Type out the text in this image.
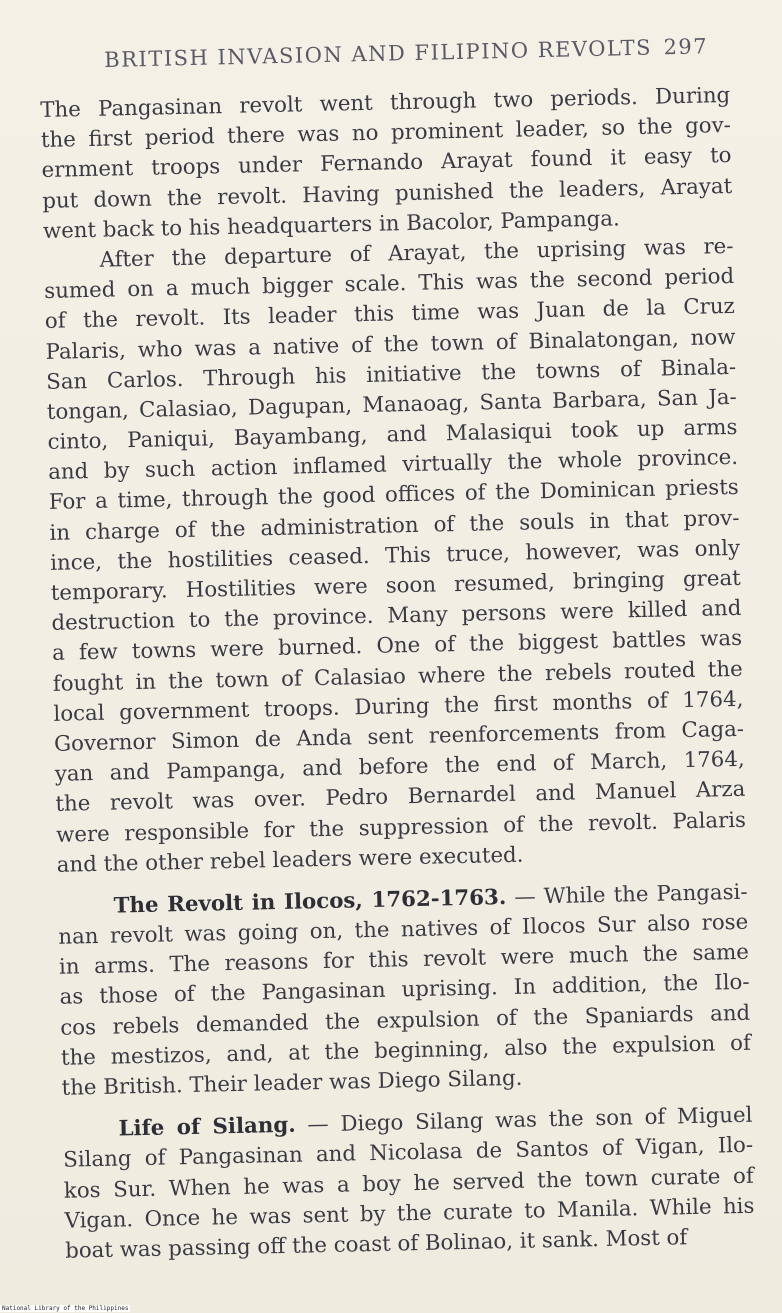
BRITISH INVASION AND FILIPINO REVOLTS 297
The Pangasinan revolt went through two periods. During
the first period there was no prominent leader, so the gov-
ernment troops under Fernando Arayat found it easy to
put down the revolt. Having punished the leaders, Arayat
went back to his headquarters in Bacolor, Pampanga.
After the departure of Arayat, the uprising was re-
sumed on a much bigger scale. This was the second period
of the revolt. Its leader this time was Juan de la Cruz
Palaris, who was a native of the town of Binalatongan, now
San Carlos. Through his initiative the towns of Binala-
tongan, Calasiao, Dagupan, Manaoag, Santa Barbara, San Ja-
cinto, Paniqui, Bayambang, and Malasiqui took up arms
and by such action inflamed virtually the whole province.
For a time, through the good offices of the Dominican priests
in charge of the administration of the souls in that prov-
ince, the hostilities ceased. This truce, however, was only
temporary. Hostilities were soon resumed, bringing great
destruction to the province. Many persons were killed and
a few towns were burned. One of the biggest battles was
fought in the town of Calasiao where the rebels routed the
local government troops. During the first months of 1764,
Governor Simon de Anda sent reenforcements from Caga-
yan and Pampanga, and before the end of March, 1764,
the revolt was over. Pedro Bernardel and Manuel Arza
were responsible for the suppression of the revolt. Palaris
and the other rebel leaders were executed.
The Revolt in Ilocos, 1762-1763. — While the Pangasi-
nan revolt was going on, the natives of Ilocos Sur also rose
in arms. The reasons for this revolt were much the same
as those of the Pangasinan uprising. In addition, the Ilo-
cos rebels demanded the expulsion of the Spaniards and
the mestizos, and, at the beginning, also the expulsion of
the British. Their leader was Diego Silang.
Life of Silang. — Diego Silang was the son of Miguel
Silang of Pangasinan and Nicolasa de Santos of Vigan, Ilo-
kos Sur. When he was a boy he served the town curate of
Vigan. Once he was sent by the curate to Manila. While his
boat was passing off the coast of Bolinao, it sank. Most of
National Library of the Philippines
